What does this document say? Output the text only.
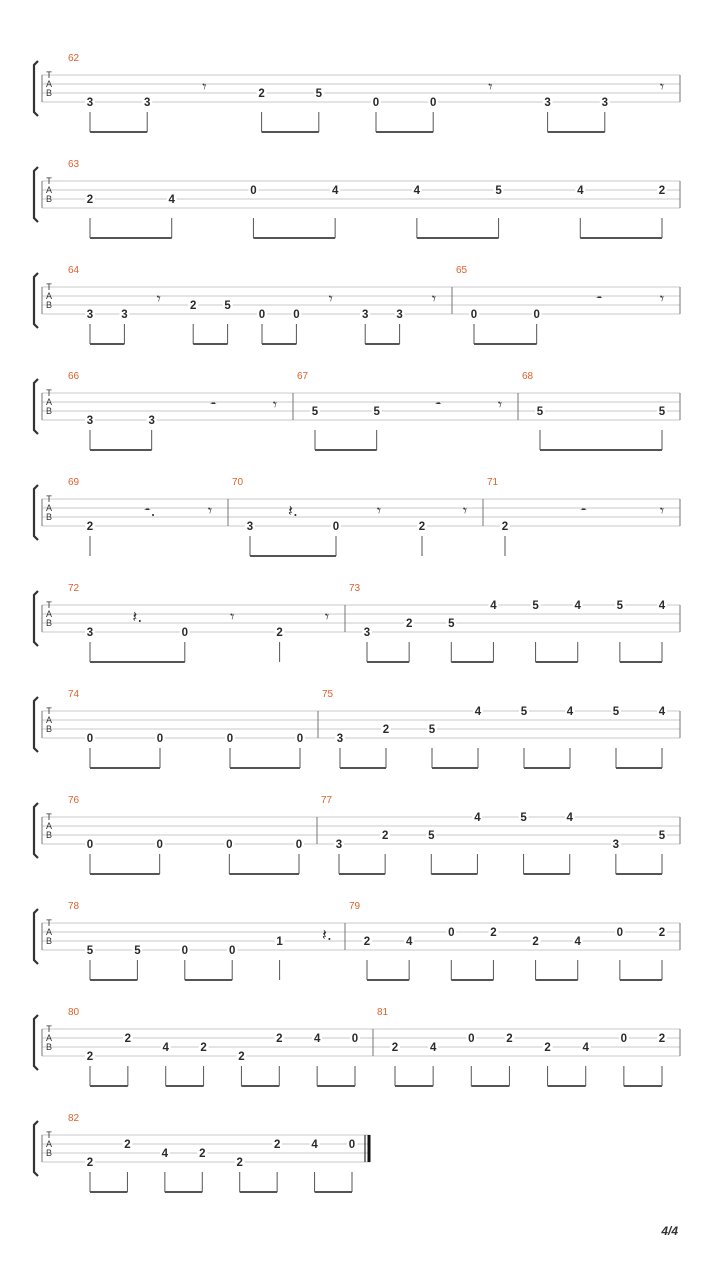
T
A
B
62
3	3
𝄾	2	5
0	0
𝄾
3	3
𝄾
T
A
B
63
2	4
0	4	4	5	4	2
T
A
B
64
3 3
𝄾	2 5
0 0
𝄾
3 3
𝄾
65
0	0
𝄼	𝄾
T
A
B
66
3	3
𝄼	𝄾
67
5	5	𝄼	𝄾
68
5	5
T
A
B
69
2
𝄼.	𝄾
70
3
𝄽.
0
𝄾
2
𝄾
71
2
𝄼	𝄾
T
A
B
72
3
𝄽.
0
𝄾
2
𝄾
73
3
2	5
4	5	4	5	4
T
A
B
74
0	0	0	0
75
3
2	5
4	5	4	5	4
T
A
B
76
0	0	0	0
77
3
2	5
4	5	4
3
5
T
A
B
78
5	5	0	0
1 𝄽.
79
2	4
0	2
2	4
0	2
T
A
B
80
2
2
4	2
2
2	4	0
81
2	4
0	2
2	4
0	2
T
A
B
82
2
2
4	2
2
2	4	0
4/4
